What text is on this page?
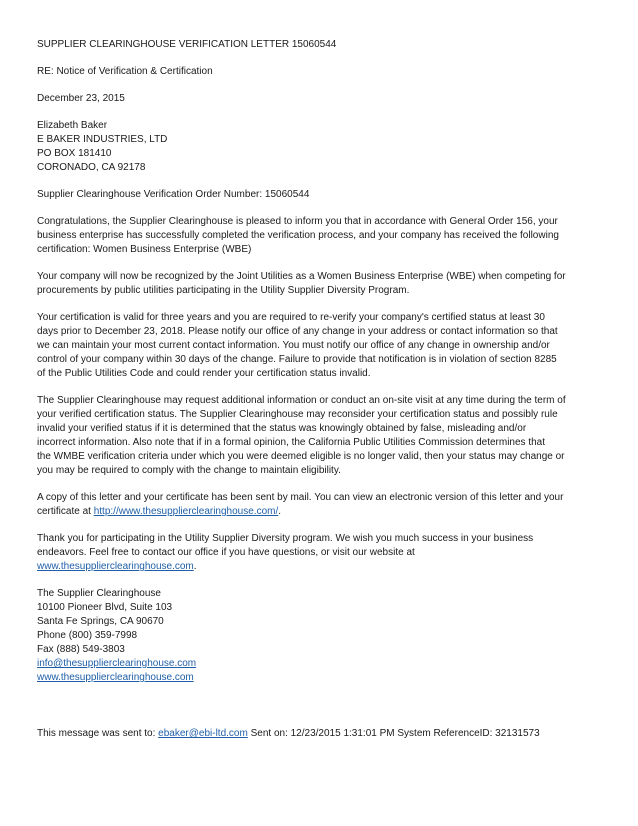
SUPPLIER CLEARINGHOUSE VERIFICATION LETTER 15060544

RE: Notice of Verification & Certification

December 23, 2015

Elizabeth Baker
E BAKER INDUSTRIES, LTD
PO BOX 181410
CORONADO, CA 92178

Supplier Clearinghouse Verification Order Number: 15060544

Congratulations, the Supplier Clearinghouse is pleased to inform you that in accordance with General Order 156, your
business enterprise has successfully completed the verification process, and your company has received the following
certification: Women Business Enterprise (WBE)

Your company will now be recognized by the Joint Utilities as a Women Business Enterprise (WBE) when competing for
procurements by public utilities participating in the Utility Supplier Diversity Program.

Your certification is valid for three years and you are required to re-verify your company's certified status at least 30
days prior to December 23, 2018. Please notify our office of any change in your address or contact information so that
we can maintain your most current contact information. You must notify our office of any change in ownership and/or
control of your company within 30 days of the change. Failure to provide that notification is in violation of section 8285
of the Public Utilities Code and could render your certification status invalid.

The Supplier Clearinghouse may request additional information or conduct an on-site visit at any time during the term of
your verified certification status. The Supplier Clearinghouse may reconsider your certification status and possibly rule
invalid your verified status if it is determined that the status was knowingly obtained by false, misleading and/or
incorrect information. Also note that if in a formal opinion, the California Public Utilities Commission determines that
the WMBE verification criteria under which you were deemed eligible is no longer valid, then your status may change or
you may be required to comply with the change to maintain eligibility.

A copy of this letter and your certificate has been sent by mail. You can view an electronic version of this letter and your
certificate at http://www.thesupplierclearinghouse.com/.

Thank you for participating in the Utility Supplier Diversity program. We wish you much success in your business
endeavors. Feel free to contact our office if you have questions, or visit our website at
www.thesupplierclearinghouse.com.

The Supplier Clearinghouse
10100 Pioneer Blvd, Suite 103
Santa Fe Springs, CA 90670
Phone (800) 359-7998
Fax (888) 549-3803
info@thesupplierclearinghouse.com
www.thesupplierclearinghouse.com

This message was sent to: ebaker@ebi-ltd.com Sent on: 12/23/2015 1:31:01 PM System ReferenceID: 32131573
